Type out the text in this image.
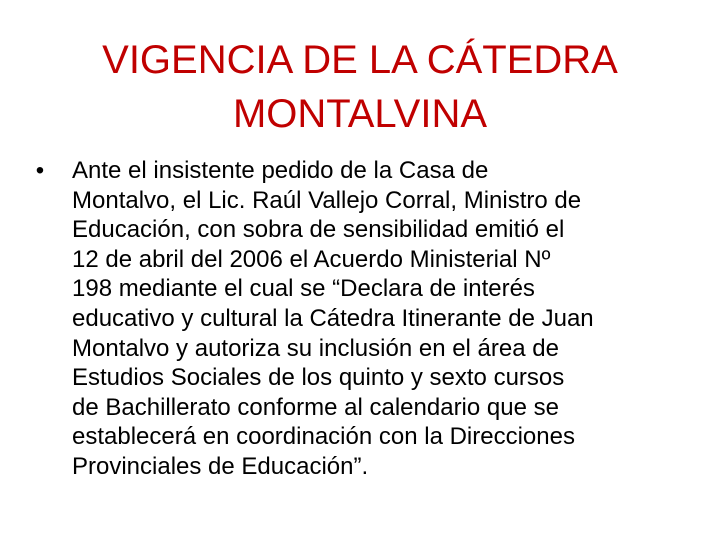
VIGENCIA DE LA CÁTEDRA
MONTALVINA
• Ante el insistente pedido de la Casa de
Montalvo, el Lic. Raúl Vallejo Corral, Ministro de
Educación, con sobra de sensibilidad emitió el
12 de abril del 2006 el Acuerdo Ministerial Nº
198 mediante el cual se “Declara de interés
educativo y cultural la Cátedra Itinerante de Juan
Montalvo y autoriza su inclusión en el área de
Estudios Sociales de los quinto y sexto cursos
de Bachillerato conforme al calendario que se
establecerá en coordinación con la Direcciones
Provinciales de Educación”.
